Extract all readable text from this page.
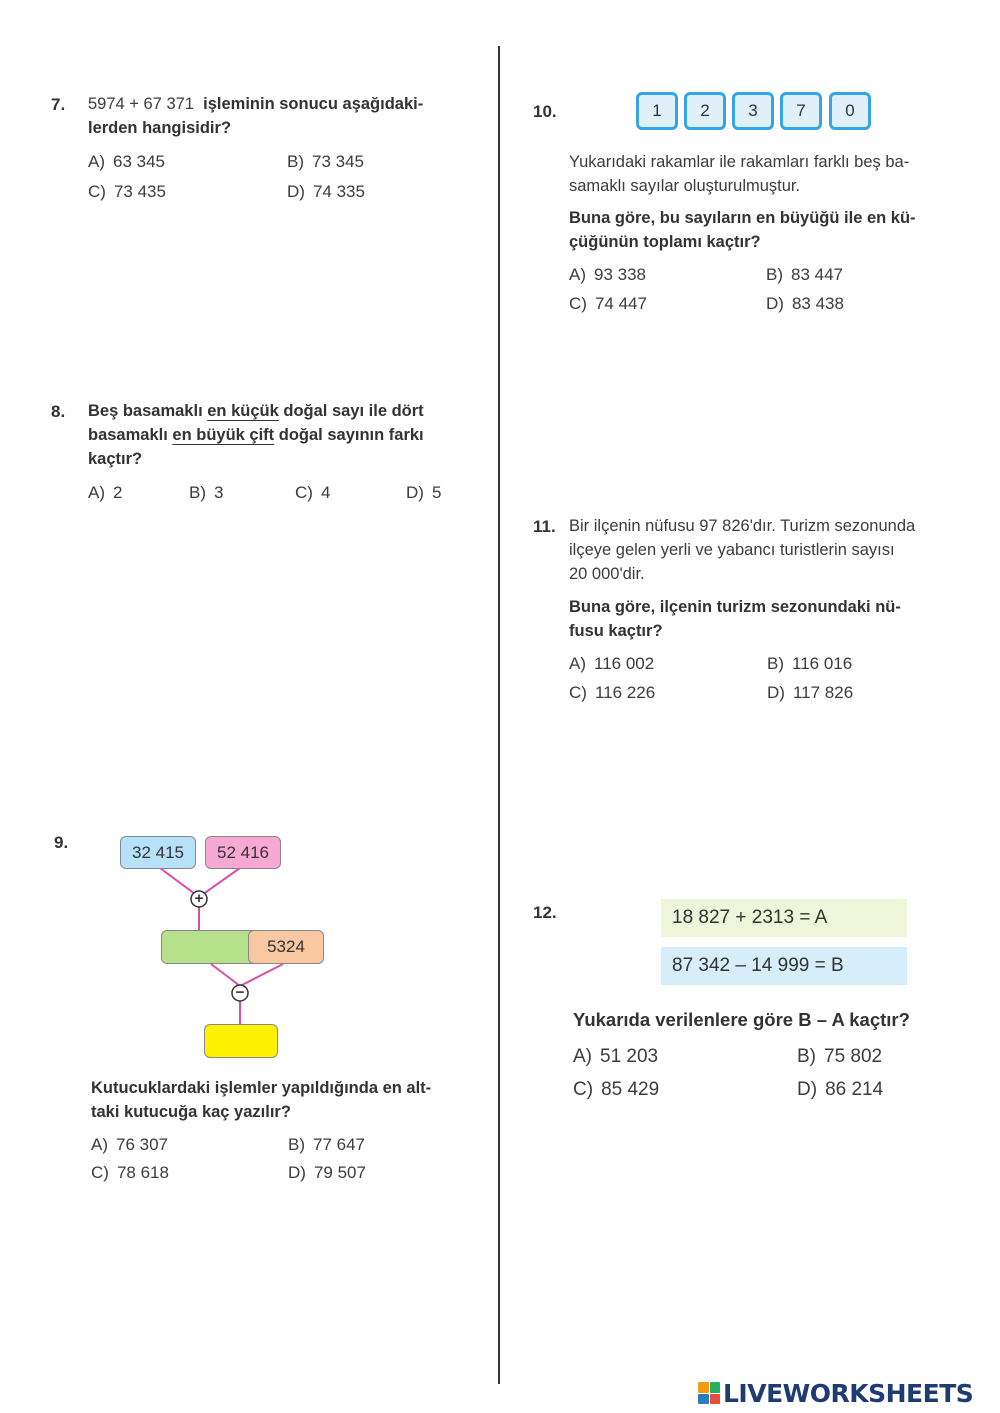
7. 5974 + 67 371 işleminin sonucu aşağıdaki-
lerden hangisidir?
A) 63 345	B) 73 345
C) 73 435	D) 74 335
8. Beş basamaklı en küçük doğal sayı ile dört
basamaklı en büyük çift doğal sayının farkı
kaçtır?
A) 2	B) 3	C) 4	D) 5
9.
+
−
32 415	52 416
5324
Kutucuklardaki işlemler yapıldığında en alt-
taki kutucuğa kaç yazılır?
A) 76 307	B) 77 647
C) 78 618	D) 79 507
10.	1	2	3	7	0
Yukarıdaki rakamlar ile rakamları farklı beş ba-
samaklı sayılar oluşturulmuştur.
Buna göre, bu sayıların en büyüğü ile en kü-
çüğünün toplamı kaçtır?
A) 93 338	B) 83 447
C) 74 447	D) 83 438
11. Bir ilçenin nüfusu 97 826'dır. Turizm sezonunda
ilçeye gelen yerli ve yabancı turistlerin sayısı
20 000'dir.
Buna göre, ilçenin turizm sezonundaki nü-
fusu kaçtır?
A) 116 002	B) 116 016
C) 116 226	D) 117 826
12.	18 827 + 2313 = A
87 342 – 14 999 = B
Yukarıda verilenlere göre B – A kaçtır?
A) 51 203	B) 75 802
C) 85 429	D) 86 214
LIVEWORKSHEETS
